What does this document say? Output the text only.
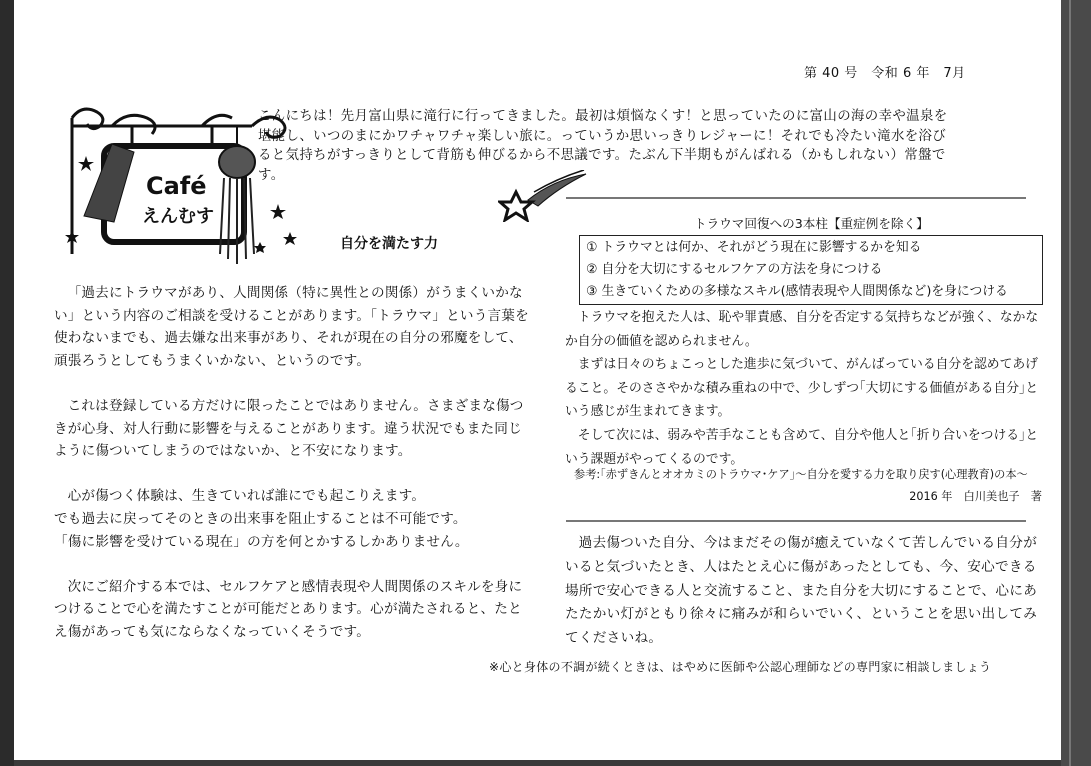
第 40 号　令和 6 年　7月
Café
えんむす
こんにちは！先月富山県に滝行に行ってきました。最初は煩悩なくす！と思っていたのに富山の海の幸や温泉を堪能し、いつのまにかワチャワチャ楽しい旅に。っていうか思いっきりレジャーに！それでも冷たい滝水を浴びると気持ちがすっきりとして背筋も伸びるから不思議です。たぶん下半期もがんばれる（かもしれない）常盤です。
自分を満たす力

「過去にトラウマがあり、人間関係（特に異性との関係）がうまくいかない」という内容のご相談を受けることがあります。「トラウマ」という言葉を使わないまでも、過去嫌な出来事があり、それが現在の自分の邪魔をして、頑張ろうとしてもうまくいかない、というのです。

これは登録している方だけに限ったことではありません。さまざまな傷つきが心身、対人行動に影響を与えることがあります。違う状況でもまた同じように傷ついてしまうのではないか、と不安になります。

心が傷つく体験は、生きていれば誰にでも起こりえます。
でも過去に戻ってそのときの出来事を阻止することは不可能です。
「傷に影響を受けている現在」の方を何とかするしかありません。

次にご紹介する本では、セルフケアと感情表現や人間関係のスキルを身につけることで心を満たすことが可能だとあります。心が満たされると、たとえ傷があっても気にならなくなっていくそうです。

トラウマ回復への3本柱【重症例を除く】
① トラウマとは何か、それがどう現在に影響するかを知る
② 自分を大切にするセルフケアの方法を身につける
③ 生きていくための多様なスキル(感情表現や人間関係など)を身につける

トラウマを抱えた人は、恥や罪責感、自分を否定する気持ちなどが強く、なかなか自分の価値を認められません。

まずは日々のちょこっとした進歩に気づいて、がんばっている自分を認めてあげること。そのささやかな積み重ねの中で、少しずつ｢大切にする価値がある自分｣という感じが生まれてきます。

そして次には、弱みや苦手なことも含めて、自分や他人と｢折り合いをつける｣という課題がやってくるのです。

参考:｢赤ずきんとオオカミのトラウマ･ケア｣～自分を愛する力を取り戻す(心理教育)の本～
2016 年　白川美也子　著
過去傷ついた自分、今はまだその傷が癒えていなくて苦しんでいる自分がいると気づいたとき、人はたとえ心に傷があったとしても、今、安心できる場所で安心できる人と交流すること、また自分を大切にすることで、心にあたたかい灯がともり徐々に痛みが和らいでいく、ということを思い出してみてくださいね。
※心と身体の不調が続くときは、はやめに医師や公認心理師などの専門家に相談しましょう
